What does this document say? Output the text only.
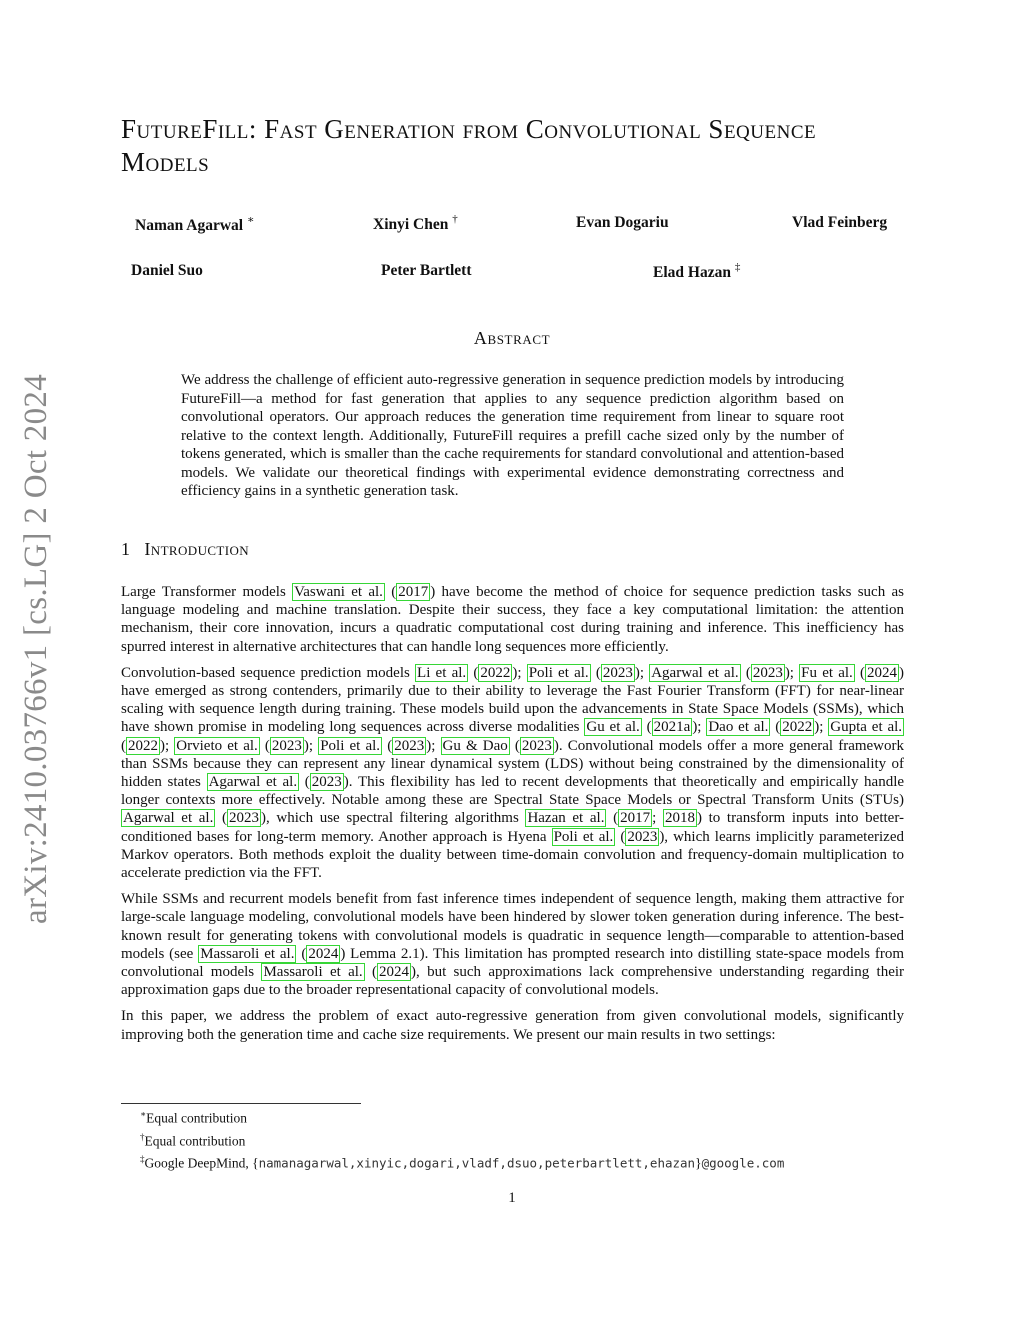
arXiv:2410.03766v1 [cs.LG] 2 Oct 2024
FutureFill: Fast Generation from Convolutional Sequence Models
Naman Agarwal ∗	Xinyi Chen †	Evan Dogariu	Vlad Feinberg
Daniel Suo	Peter Bartlett	Elad Hazan ‡
Abstract

We address the challenge of efficient auto-regressive generation in sequence prediction models by introducing FutureFill—a method for fast generation that applies to any sequence prediction algorithm based on convolutional operators. Our approach reduces the generation time requirement from linear to square root relative to the context length. Additionally, FutureFill requires a prefill cache sized only by the number of tokens generated, which is smaller than the cache requirements for standard convolutional and attention-based models. We validate our theoretical findings with experimental evidence demonstrating correctness and efficiency gains in a synthetic generation task.

1 Introduction

Large Transformer models Vaswani et al. ( 2017 ) have become the method of choice for sequence prediction tasks such as language modeling and machine translation. Despite their success, they face a key computational limitation: the attention mechanism, their core innovation, incurs a quadratic computational cost during training and inference. This inefficiency has spurred interest in alternative architectures that can handle long sequences more efficiently.

Convolution-based sequence prediction models Li et al. ( 2022 ); Poli et al. ( 2023 ); Agarwal et al. ( 2023 ); Fu et al. ( 2024 ) have emerged as strong contenders, primarily due to their ability to leverage the Fast Fourier Transform (FFT) for near-linear scaling with sequence length during training. These models build upon the advancements in State Space Models (SSMs), which have shown promise in modeling long sequences across diverse modalities Gu et al. ( 2021a ); Dao et al. ( 2022 ); Gupta et al. ( 2022 ); Orvieto et al. ( 2023 ); Poli et al. ( 2023 ); Gu & Dao ( 2023 ). Convolutional models offer a more general framework than SSMs because they can represent any linear dynamical system (LDS) without being constrained by the dimensionality of hidden states Agarwal et al. ( 2023 ). This flexibility has led to recent developments that theoretically and empirically handle longer contexts more effectively. Notable among these are Spectral State Space Models or Spectral Transform Units (STUs) Agarwal et al. ( 2023 ), which use spectral filtering algorithms Hazan et al. ( 2017 ; 2018 ) to transform inputs into better-conditioned bases for long-term memory. Another approach is Hyena Poli et al. ( 2023 ), which learns implicitly parameterized Markov operators. Both methods exploit the duality between time-domain convolution and frequency-domain multiplication to accelerate prediction via the FFT.

While SSMs and recurrent models benefit from fast inference times independent of sequence length, making them attractive for large-scale language modeling, convolutional models have been hindered by slower token generation during inference. The best-known result for generating tokens with convolutional models is quadratic in sequence length—comparable to attention-based models (see Massaroli et al. ( 2024 ) Lemma 2.1). This limitation has prompted research into distilling state-space models from convolutional models Massaroli et al. ( 2024 ), but such approximations lack comprehensive understanding regarding their approximation gaps due to the broader representational capacity of convolutional models.

In this paper, we address the problem of exact auto-regressive generation from given convolutional models, significantly improving both the generation time and cache size requirements. We present our main results in two settings:

∗Equal contribution
†Equal contribution
‡Google DeepMind, {namanagarwal,xinyic,dogari,vladf,dsuo,peterbartlett,ehazan}@google.com
1
